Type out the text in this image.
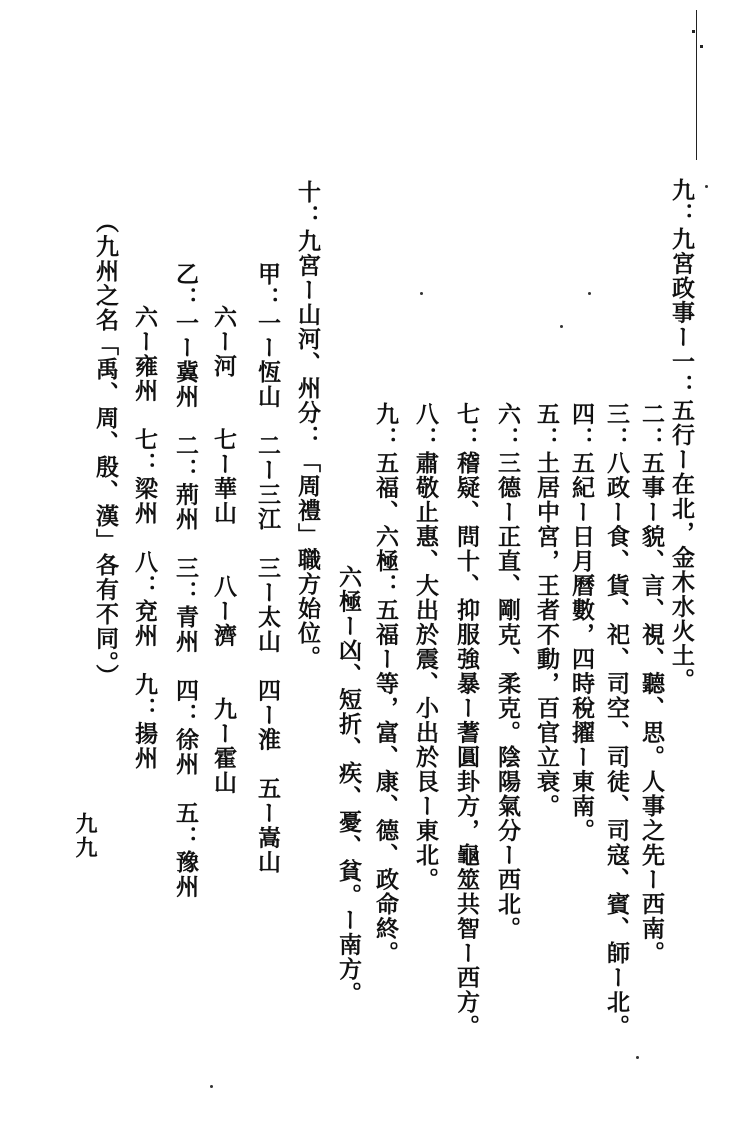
九：九宮政事ー一：五行ー在北，金木水火土。
二：五事ー貌、言、視、聽、思。人事之先ー西南。
三：八政ー食、貨、祀、司空、司徒、司寇、賓、師ー北。
四：五紀ー日月曆數，四時稅擢ー東南。
五：土居中宮，王者不動，百官立衰。
六：三德ー正直、剛克、柔克。陰陽氣分ー西北。
七：稽疑、問十、抑服強暴ー蓍圓卦方，龜筮共智ー西方。
八：肅敬止惠、大出於震、小出於艮ー東北。
九：五福、六極：五福ー等，富、康、德、政命終。
六極ー凶、短折、疾、憂、貧。ー南方。
十：九宮ー山河、州分：「周禮」職方始位。
甲：一ー恆山　二ー三江　三ー太山　四ー淮　五ー嵩山
六ー河　　七ー華山　　八ー濟　　九ー霍山
乙：一ー冀州　二：荊州　三：青州　四：徐州　五：豫州
六ー雍州　七：梁州　八：兗州　九：揚州
（九州之名「禹、周、殷、漢」各有不同。）
九九
